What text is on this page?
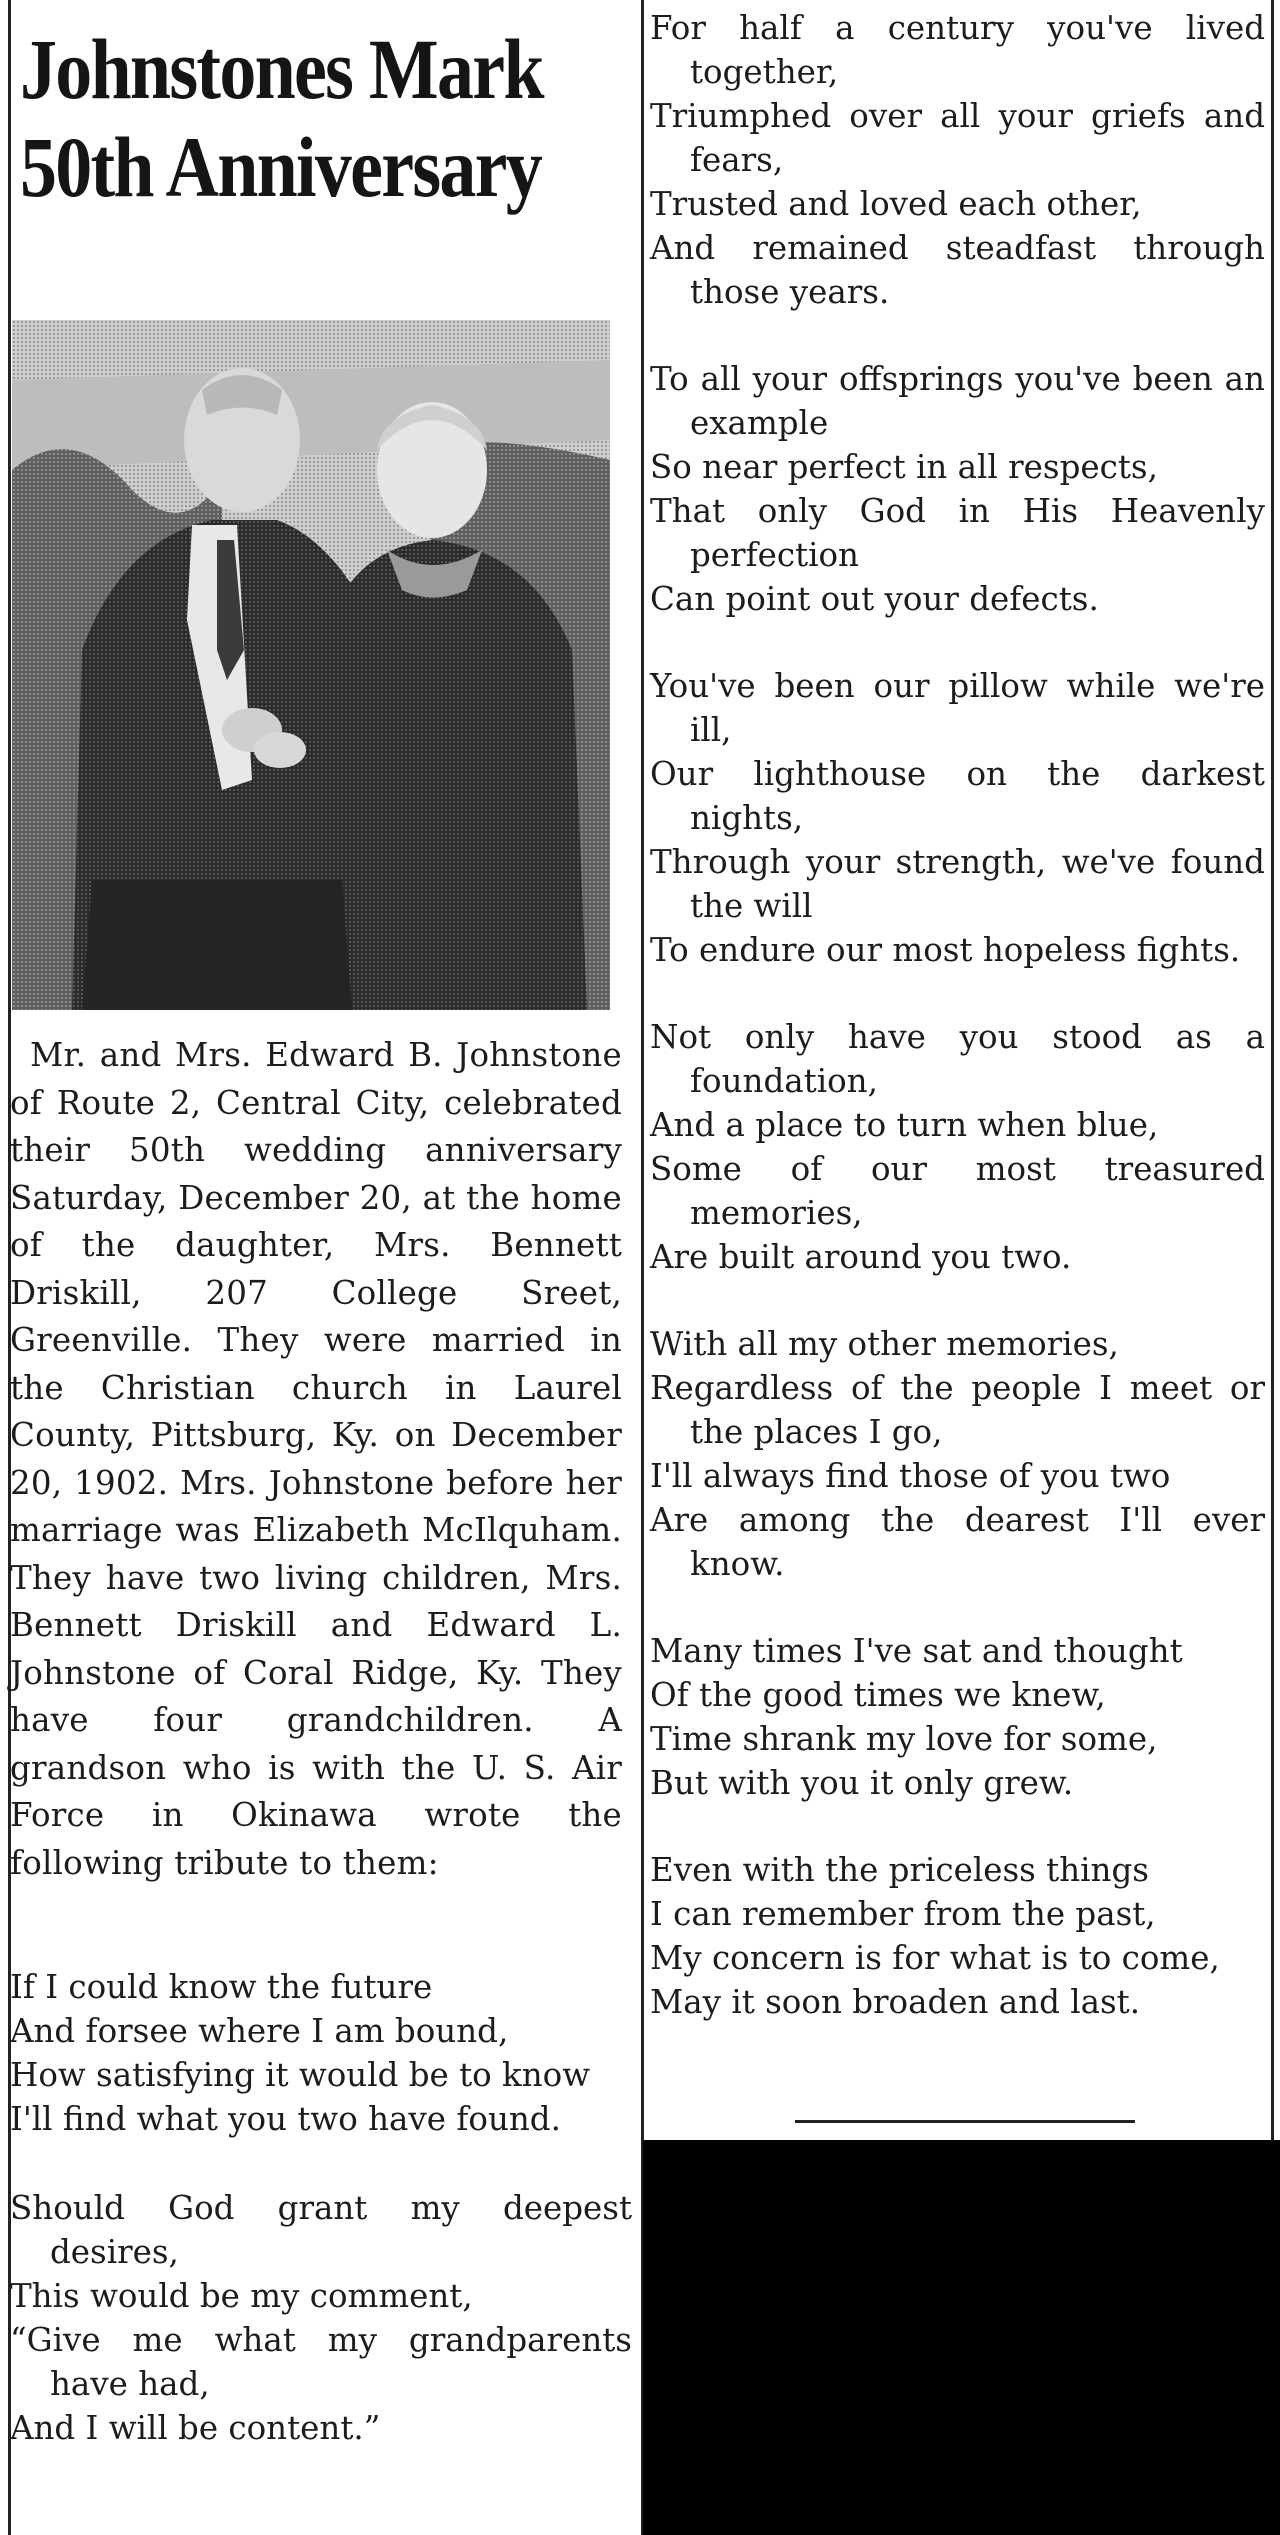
Johnstones Mark
50th Anniversary

Mr. and Mrs. Edward B. Johnstone of Route 2, Central City, celebrated their 50th wedding anniversary Saturday, December 20, at the home of the daughter, Mrs. Bennett Driskill, 207 College Sreet, Greenville. They were married in the Christian church in Laurel County, Pittsburg, Ky. on December 20, 1902. Mrs. Johnstone before her marriage was Elizabeth McIlquham. They have two living children, Mrs. Bennett Driskill and Edward L. Johnstone of Coral Ridge, Ky. They have four grandchildren. A grandson who is with the U. S. Air Force in Okinawa wrote the following tribute to them:

If I could know the future
And forsee where I am bound,
How satisfying it would be to know
I'll find what you two have found.
Should God grant my deepest desires,
This would be my comment,
“Give me what my grandparents have had,
And I will be content.”
For half a century you've lived together,
Triumphed over all your griefs and fears,
Trusted and loved each other,
And remained steadfast through those years.
To all your offsprings you've been an example
So near perfect in all respects,
That only God in His Heavenly perfection
Can point out your defects.
You've been our pillow while we're ill,
Our lighthouse on the darkest nights,
Through your strength, we've found the will
To endure our most hopeless fights.
Not only have you stood as a foundation,
And a place to turn when blue,
Some of our most treasured memories,
Are built around you two.
With all my other memories,
Regardless of the people I meet or the places I go,
I'll always find those of you two
Are among the dearest I'll ever know.
Many times I've sat and thought
Of the good times we knew,
Time shrank my love for some,
But with you it only grew.
Even with the priceless things
I can remember from the past,
My concern is for what is to come,
May it soon broaden and last.
